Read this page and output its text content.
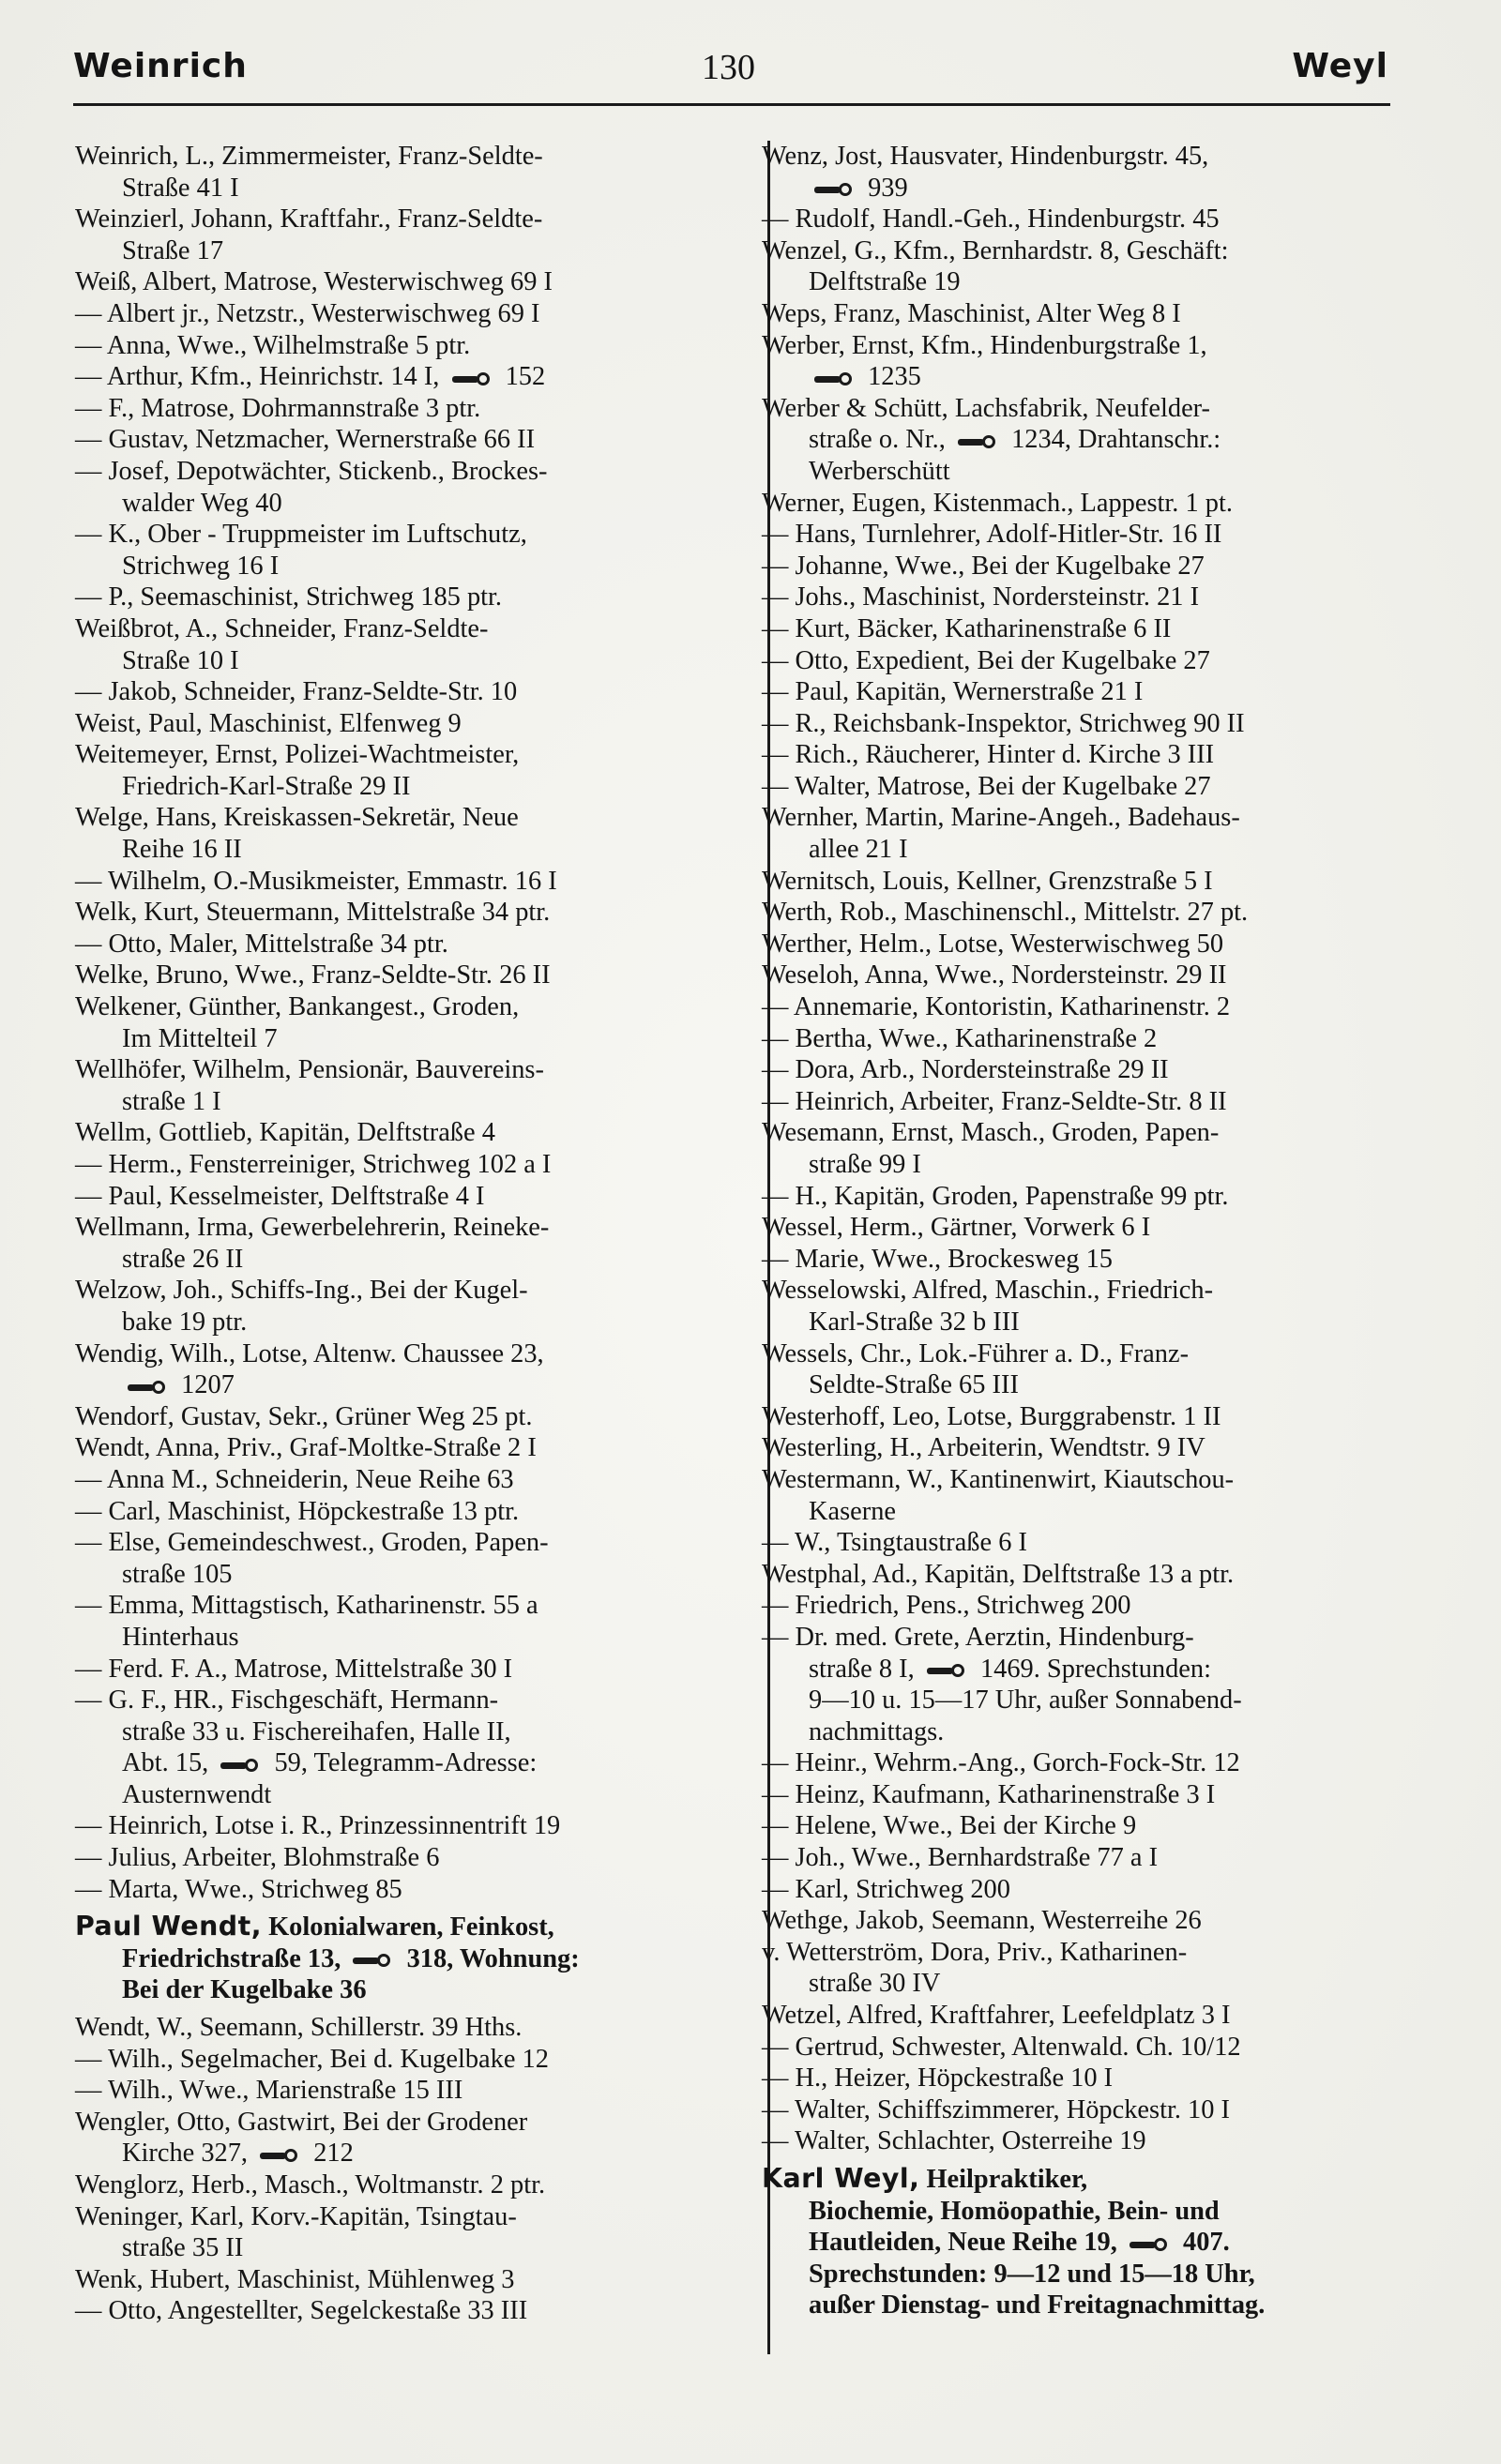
Weinrich	130	Weyl
Weinrich, L., Zimmermeister, Franz-Seldte-
Straße 41 I
Weinzierl, Johann, Kraftfahr., Franz-Seldte-
Straße 17
Weiß, Albert, Matrose, Westerwischweg 69 I
— Albert jr., Netzstr., Westerwischweg 69 I
— Anna, Wwe., Wilhelmstraße 5 ptr.
— Arthur, Kfm., Heinrichstr. 14 I,  152
— F., Matrose, Dohrmannstraße 3 ptr.
— Gustav, Netzmacher, Wernerstraße 66 II
— Josef, Depotwächter, Stickenb., Brockes-
walder Weg 40
— K., Ober - Truppmeister im Luftschutz,
Strichweg 16 I
— P., Seemaschinist, Strichweg 185 ptr.
Weißbrot, A., Schneider, Franz-Seldte-
Straße 10 I
— Jakob, Schneider, Franz-Seldte-Str. 10
Weist, Paul, Maschinist, Elfenweg 9
Weitemeyer, Ernst, Polizei-Wachtmeister,
Friedrich-Karl-Straße 29 II
Welge, Hans, Kreiskassen-Sekretär, Neue
Reihe 16 II
— Wilhelm, O.-Musikmeister, Emmastr. 16 I
Welk, Kurt, Steuermann, Mittelstraße 34 ptr.
— Otto, Maler, Mittelstraße 34 ptr.
Welke, Bruno, Wwe., Franz-Seldte-Str. 26 II
Welkener, Günther, Bankangest., Groden,
Im Mittelteil 7
Wellhöfer, Wilhelm, Pensionär, Bauvereins-
straße 1 I
Wellm, Gottlieb, Kapitän, Delftstraße 4
— Herm., Fensterreiniger, Strichweg 102 a I
— Paul, Kesselmeister, Delftstraße 4 I
Wellmann, Irma, Gewerbelehrerin, Reineke-
straße 26 II
Welzow, Joh., Schiffs-Ing., Bei der Kugel-
bake 19 ptr.
Wendig, Wilh., Lotse, Altenw. Chaussee 23,
1207
Wendorf, Gustav, Sekr., Grüner Weg 25 pt.
Wendt, Anna, Priv., Graf-Moltke-Straße 2 I
— Anna M., Schneiderin, Neue Reihe 63
— Carl, Maschinist, Höpckestraße 13 ptr.
— Else, Gemeindeschwest., Groden, Papen-
straße 105
— Emma, Mittagstisch, Katharinenstr. 55 a
Hinterhaus
— Ferd. F. A., Matrose, Mittelstraße 30 I
— G. F., HR., Fischgeschäft, Hermann-
straße 33 u. Fischereihafen, Halle II,
Abt. 15,  59, Telegramm-Adresse:
Austernwendt
— Heinrich, Lotse i. R., Prinzessinnentrift 19
— Julius, Arbeiter, Blohmstraße 6
— Marta, Wwe., Strichweg 85
Paul Wendt, Kolonialwaren, Feinkost,
Friedrichstraße 13,  318, Wohnung:
Bei der Kugelbake 36
Wendt, W., Seemann, Schillerstr. 39 Hths.
— Wilh., Segelmacher, Bei d. Kugelbake 12
— Wilh., Wwe., Marienstraße 15 III
Wengler, Otto, Gastwirt, Bei der Grodener
Kirche 327,  212
Wenglorz, Herb., Masch., Woltmanstr. 2 ptr.
Weninger, Karl, Korv.-Kapitän, Tsingtau-
straße 35 II
Wenk, Hubert, Maschinist, Mühlenweg 3
— Otto, Angestellter, Segelckestaße 33 III
Wenz, Jost, Hausvater, Hindenburgstr. 45,
939
— Rudolf, Handl.-Geh., Hindenburgstr. 45
Wenzel, G., Kfm., Bernhardstr. 8, Geschäft:
Delftstraße 19
Weps, Franz, Maschinist, Alter Weg 8 I
Werber, Ernst, Kfm., Hindenburgstraße 1,
1235
Werber & Schütt, Lachsfabrik, Neufelder-
straße o. Nr.,  1234, Drahtanschr.:
Werberschütt
Werner, Eugen, Kistenmach., Lappestr. 1 pt.
— Hans, Turnlehrer, Adolf-Hitler-Str. 16 II
— Johanne, Wwe., Bei der Kugelbake 27
— Johs., Maschinist, Nordersteinstr. 21 I
— Kurt, Bäcker, Katharinenstraße 6 II
— Otto, Expedient, Bei der Kugelbake 27
— Paul, Kapitän, Wernerstraße 21 I
— R., Reichsbank-Inspektor, Strichweg 90 II
— Rich., Räucherer, Hinter d. Kirche 3 III
— Walter, Matrose, Bei der Kugelbake 27
Wernher, Martin, Marine-Angeh., Badehaus-
allee 21 I
Wernitsch, Louis, Kellner, Grenzstraße 5 I
Werth, Rob., Maschinenschl., Mittelstr. 27 pt.
Werther, Helm., Lotse, Westerwischweg 50
Weseloh, Anna, Wwe., Nordersteinstr. 29 II
— Annemarie, Kontoristin, Katharinenstr. 2
— Bertha, Wwe., Katharinenstraße 2
— Dora, Arb., Nordersteinstraße 29 II
— Heinrich, Arbeiter, Franz-Seldte-Str. 8 II
Wesemann, Ernst, Masch., Groden, Papen-
straße 99 I
— H., Kapitän, Groden, Papenstraße 99 ptr.
Wessel, Herm., Gärtner, Vorwerk 6 I
— Marie, Wwe., Brockesweg 15
Wesselowski, Alfred, Maschin., Friedrich-
Karl-Straße 32 b III
Wessels, Chr., Lok.-Führer a. D., Franz-
Seldte-Straße 65 III
Westerhoff, Leo, Lotse, Burggrabenstr. 1 II
Westerling, H., Arbeiterin, Wendtstr. 9 IV
Westermann, W., Kantinenwirt, Kiautschou-
Kaserne
— W., Tsingtaustraße 6 I
Westphal, Ad., Kapitän, Delftstraße 13 a ptr.
— Friedrich, Pens., Strichweg 200
— Dr. med. Grete, Aerztin, Hindenburg-
straße 8 I,  1469. Sprechstunden:
9—10 u. 15—17 Uhr, außer Sonnabend-
nachmittags.
— Heinr., Wehrm.-Ang., Gorch-Fock-Str. 12
— Heinz, Kaufmann, Katharinenstraße 3 I
— Helene, Wwe., Bei der Kirche 9
— Joh., Wwe., Bernhardstraße 77 a I
— Karl, Strichweg 200
Wethge, Jakob, Seemann, Westerreihe 26
v. Wetterström, Dora, Priv., Katharinen-
straße 30 IV
Wetzel, Alfred, Kraftfahrer, Leefeldplatz 3 I
— Gertrud, Schwester, Altenwald. Ch. 10/12
— H., Heizer, Höpckestraße 10 I
— Walter, Schiffszimmerer, Höpckestr. 10 I
— Walter, Schlachter, Osterreihe 19
Karl Weyl, Heilpraktiker,
Biochemie, Homöopathie, Bein- und
Hautleiden, Neue Reihe 19,  407.
Sprechstunden: 9—12 und 15—18 Uhr,
außer Dienstag- und Freitagnachmittag.
